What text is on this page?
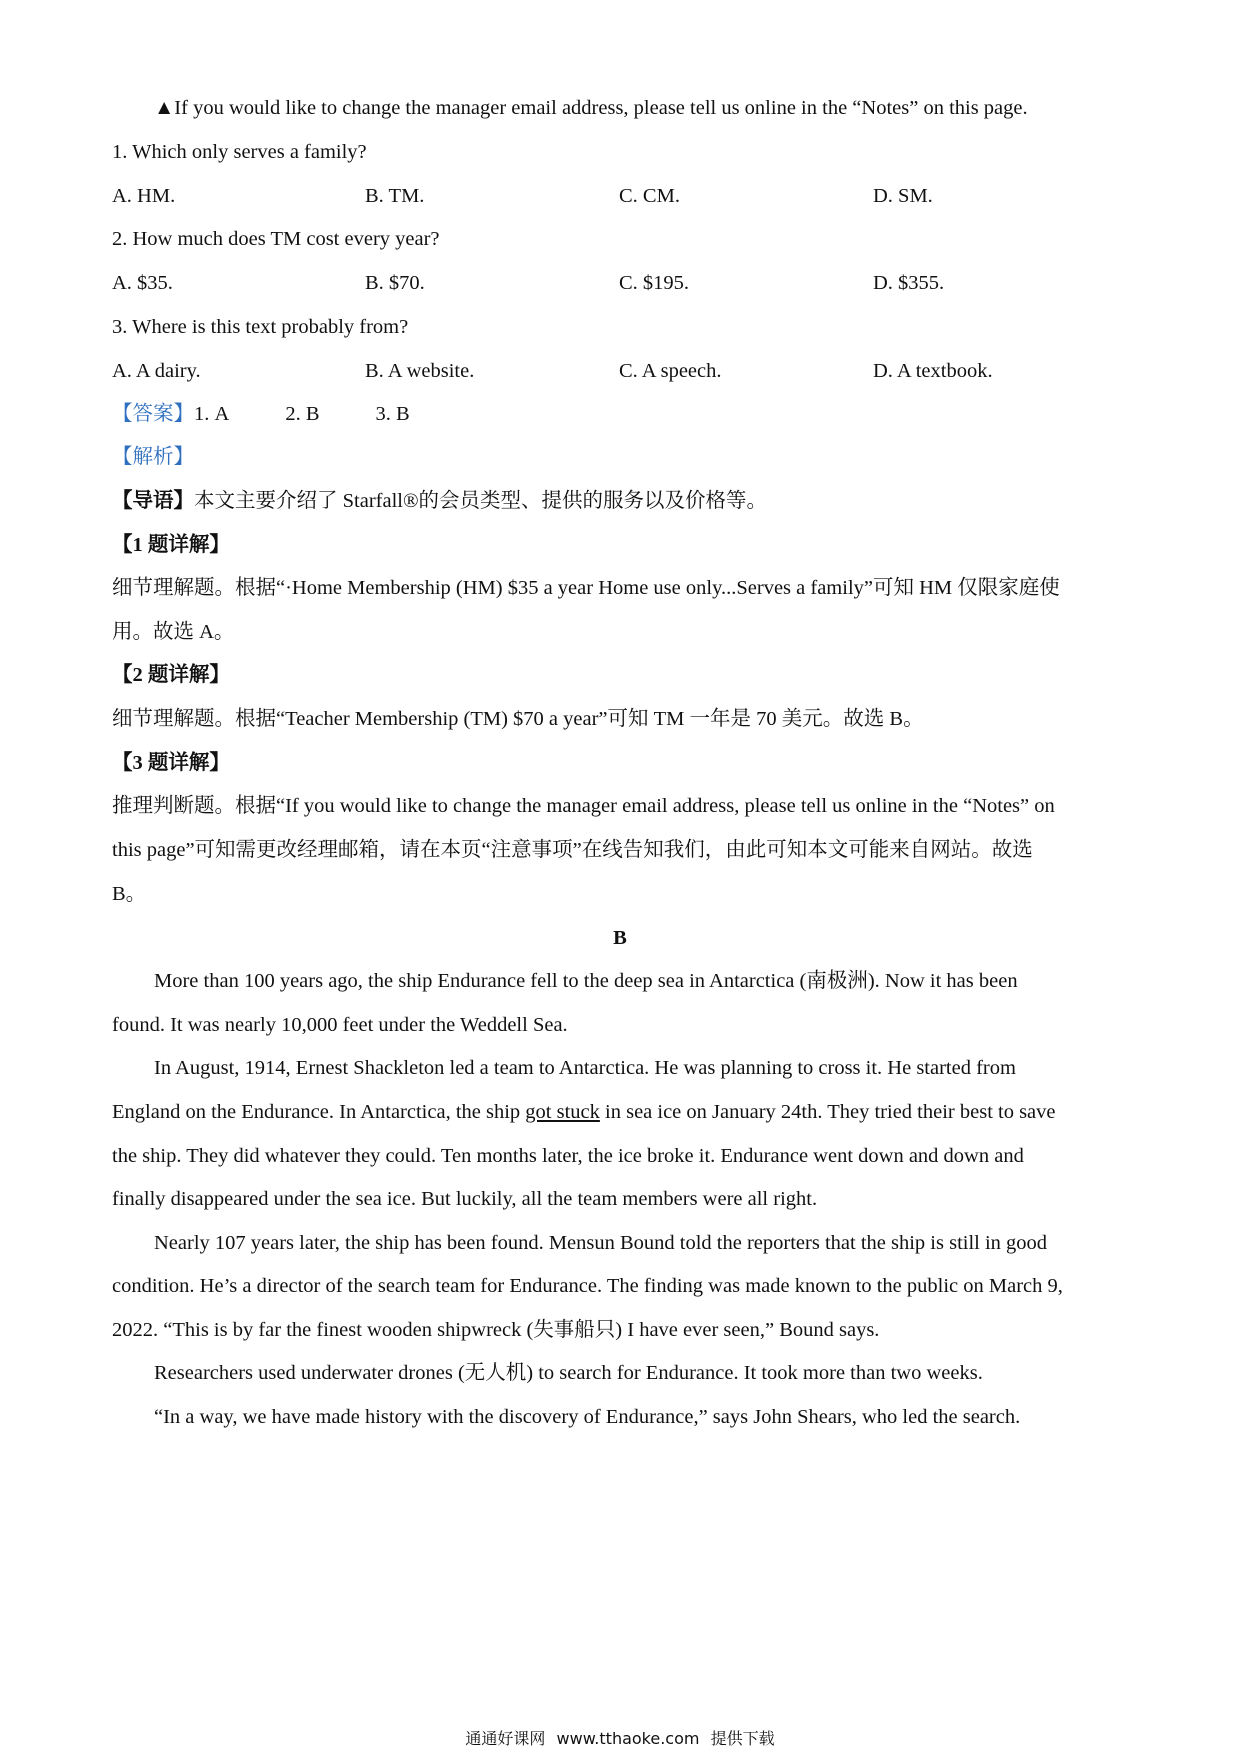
▲If you would like to change the manager email address, please tell us online in the “Notes” on this page.
1. Which only serves a family?
A. HM.	B. TM.	C. CM.	D. SM.
2. How much does TM cost every year?
A. $35.	B. $70.	C. $195.	D. $355.
3. Where is this text probably from?
A. A dairy.	B. A website.	C. A speech.	D. A textbook.
【答案】1. A	2. B	3. B
【解析】
【导语】本文主要介绍了 Starfall®的会员类型、提供的服务以及价格等。
【1 题详解】
细节理解题。根据“·Home Membership (HM) $35 a year Home use only...Serves a family”可知 HM 仅限家庭使
用。故选 A。
【2 题详解】
细节理解题。根据“Teacher Membership (TM) $70 a year”可知 TM 一年是 70 美元。故选 B。
【3 题详解】
推理判断题。根据“If you would like to change the manager email address, please tell us online in the “Notes” on
this page”可知需更改经理邮箱，请在本页“注意事项”在线告知我们，由此可知本文可能来自网站。故选
B。
B
More than 100 years ago, the ship Endurance fell to the deep sea in Antarctica (南极洲). Now it has been
found. It was nearly 10,000 feet under the Weddell Sea.
In August, 1914, Ernest Shackleton led a team to Antarctica. He was planning to cross it. He started from
England on the Endurance. In Antarctica, the ship got stuck in sea ice on January 24th. They tried their best to save
the ship. They did whatever they could. Ten months later, the ice broke it. Endurance went down and down and
finally disappeared under the sea ice. But luckily, all the team members were all right.
Nearly 107 years later, the ship has been found. Mensun Bound told the reporters that the ship is still in good
condition. He’s a director of the search team for Endurance. The finding was made known to the public on March 9,
2022. “This is by far the finest wooden shipwreck (失事船只) I have ever seen,” Bound says.
Researchers used underwater drones (无人机) to search for Endurance. It took more than two weeks.
“In a way, we have made history with the discovery of Endurance,” says John Shears, who led the search.
通通好课网 www.tthaoke.com 提供下载
